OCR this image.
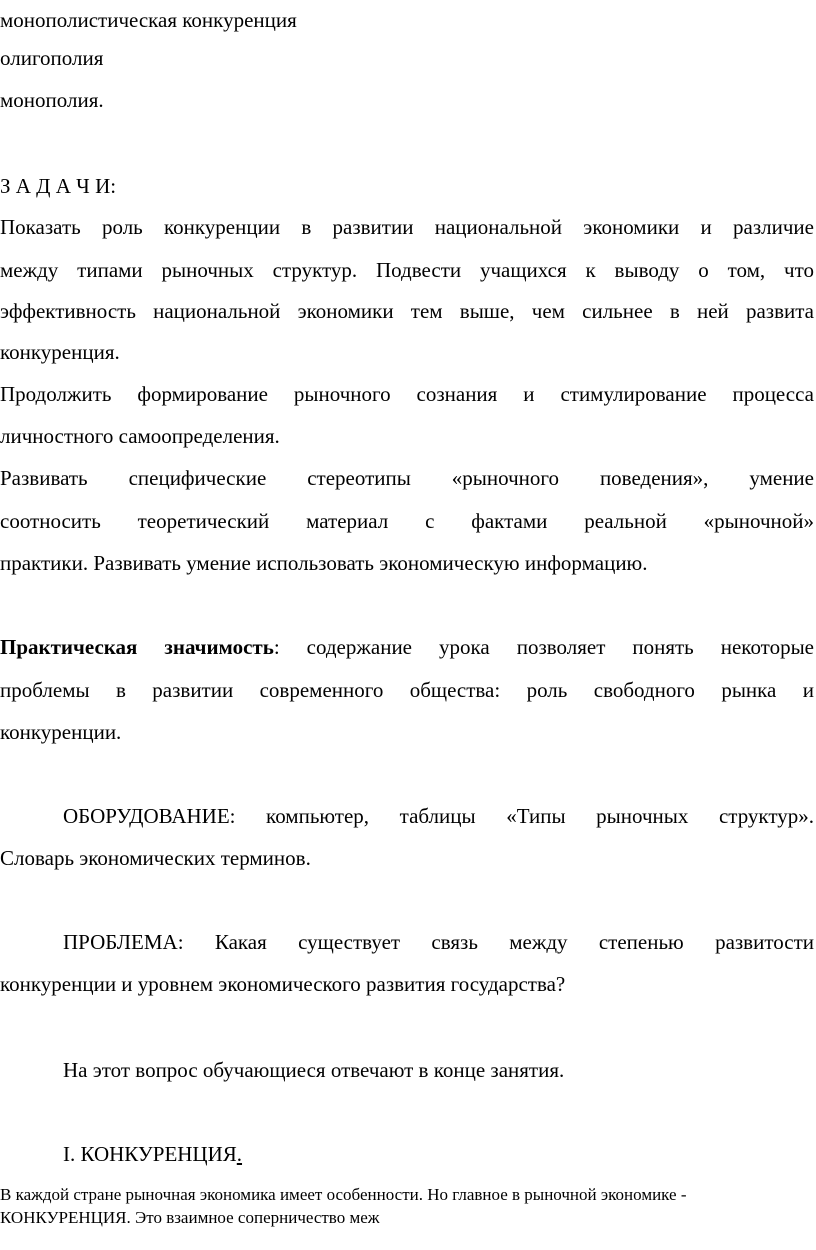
монополистическая конкуренция
олигополия
монополия.
З А Д А Ч И:
Показать роль конкуренции в развитии национальной экономики и различие
между типами рыночных структур. Подвести учащихся к выводу о том, что
эффективность национальной экономики тем выше, чем сильнее в ней развита
конкуренция.
Продолжить формирование рыночного сознания и стимулирование процесса
личностного самоопределения.
Развивать специфические стереотипы «рыночного поведения», умение
соотносить теоретический материал с фактами реальной «рыночной»
практики. Развивать умение использовать экономическую информацию.
Практическая значимость: содержание урока позволяет понять некоторые
проблемы в развитии современного общества: роль свободного рынка и
конкуренции.
ОБОРУДОВАНИЕ: компьютер, таблицы «Типы рыночных структур».
Словарь экономических терминов.
ПРОБЛЕМА: Какая существует связь между степенью развитости
конкуренции и уровнем экономического развития государства?
На этот вопрос обучающиеся отвечают в конце занятия.
I. КОНКУРЕНЦИЯ.
В каждой стране рыночная экономика имеет особенности. Но главное в рыночной экономике -
КОНКУРЕНЦИЯ. Это взаимное соперничество меж
